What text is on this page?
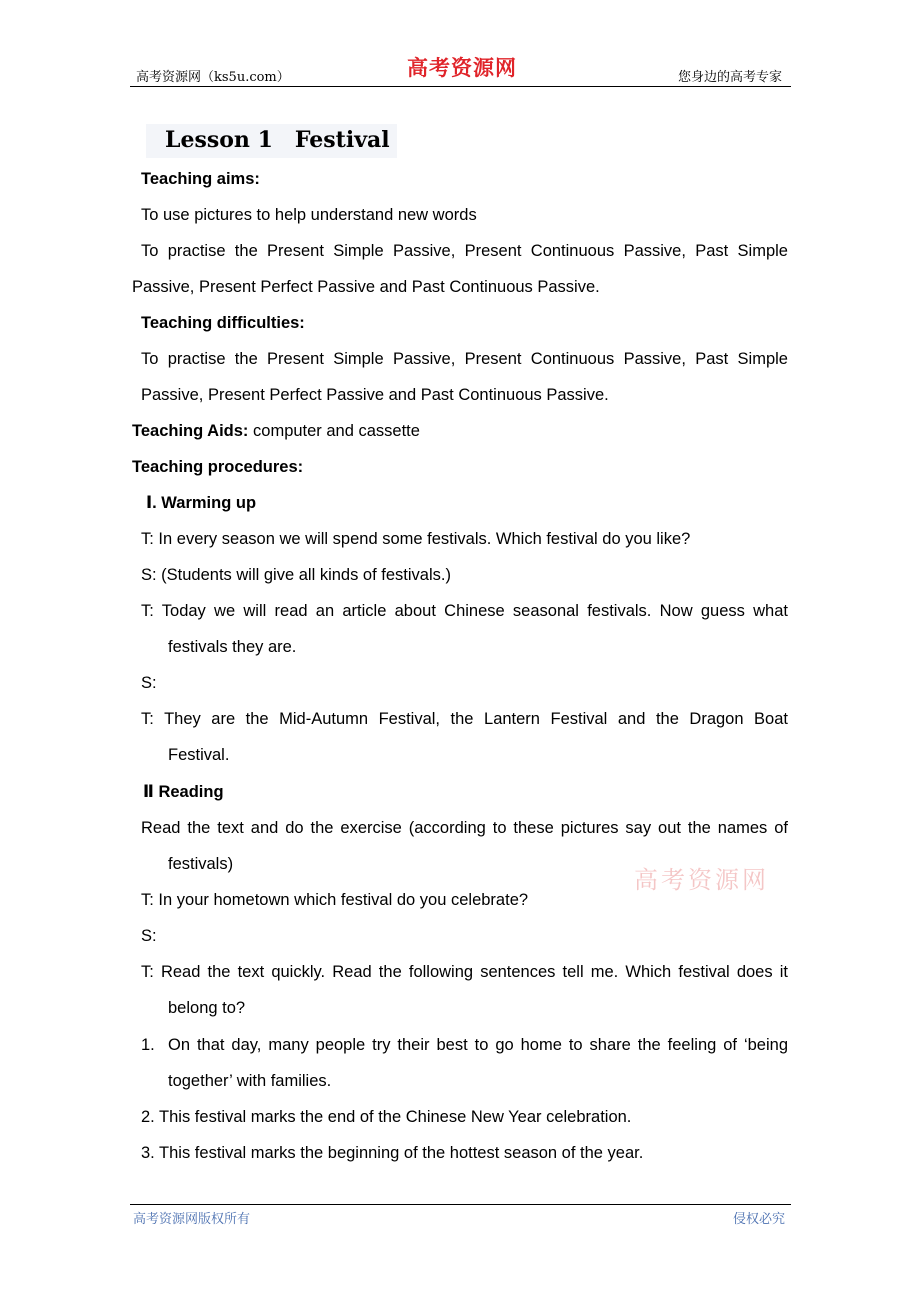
高考资源网（ks5u.com）	高考资源网	您身边的高考专家
Lesson 1 Festival
Teaching aims:
To use pictures to help understand new words
To practise the Present Simple Passive, Present Continuous Passive, Past Simple
Passive, Present Perfect Passive and Past Continuous Passive.
Teaching difficulties:
To practise the Present Simple Passive, Present Continuous Passive, Past Simple
Passive, Present Perfect Passive and Past Continuous Passive.
Teaching Aids: computer and cassette
Teaching procedures:
Ⅰ. Warming up
T: In every season we will spend some festivals. Which festival do you like?
S: (Students will give all kinds of festivals.)
T: Today we will read an article about Chinese seasonal festivals. Now guess what
festivals they are.
S:
T: They are the Mid-Autumn Festival, the Lantern Festival and the Dragon Boat
Festival.
Ⅱ Reading
Read the text and do the exercise (according to these pictures say out the names of
festivals)
高考资源网
T: In your hometown which festival do you celebrate?
S:
T: Read the text quickly. Read the following sentences tell me. Which festival does it
belong to?
1. On that day, many people try their best to go home to share the feeling of ‘being
together’ with families.
2. This festival marks the end of the Chinese New Year celebration.
3. This festival marks the beginning of the hottest season of the year.
高考资源网版权所有	侵权必究
